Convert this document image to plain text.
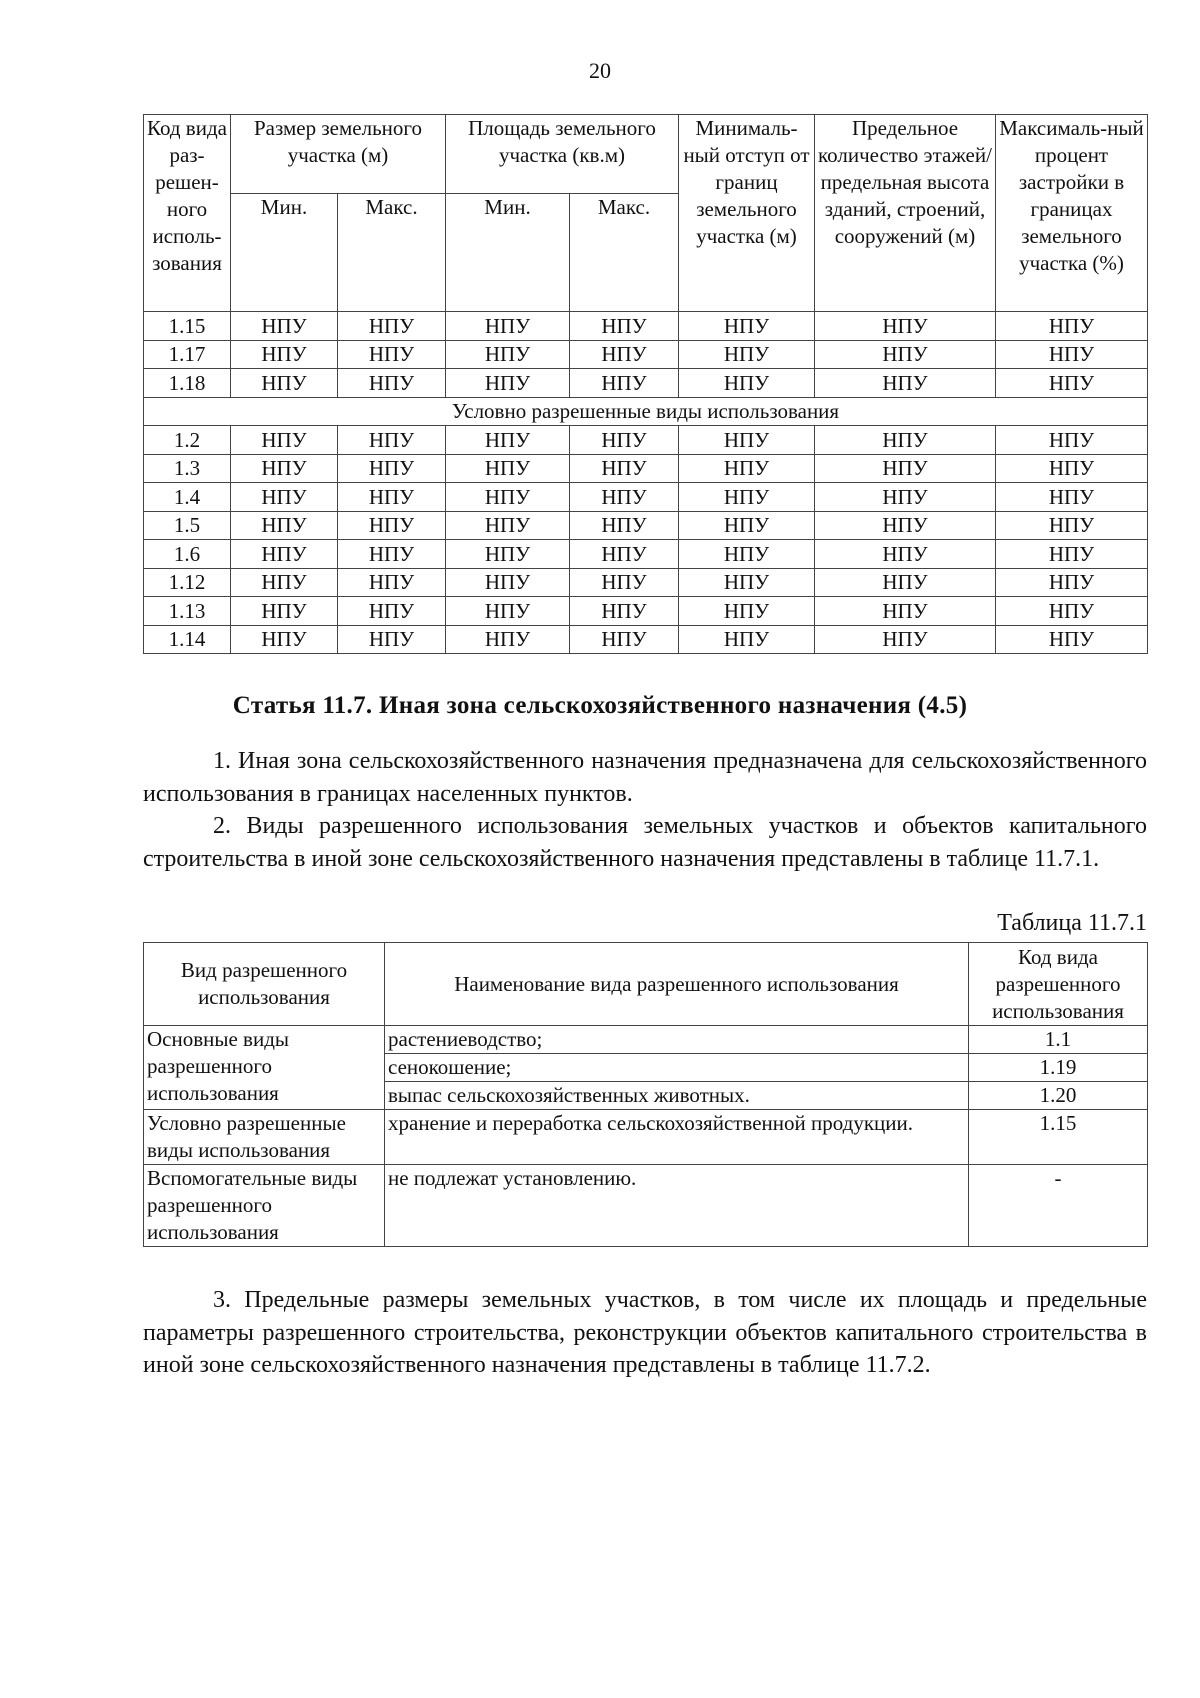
20
Код вида раз-решен-ного исполь-зования	Размер земельного участка (м)		Площадь земельного участка (кв.м)		Минималь-ный отступ от границ земельного участка (м)	Предельное количество этажей/ предельная высота зданий, строений, сооружений (м)	Максималь-ный процент застройки в границах земельного участка (%)
	Мин.	Макс.	Мин.	Макс.			
1.15	НПУ	НПУ	НПУ	НПУ	НПУ	НПУ	НПУ
1.17	НПУ	НПУ	НПУ	НПУ	НПУ	НПУ	НПУ
1.18	НПУ	НПУ	НПУ	НПУ	НПУ	НПУ	НПУ
Условно разрешенные виды использования							
1.2	НПУ	НПУ	НПУ	НПУ	НПУ	НПУ	НПУ
1.3	НПУ	НПУ	НПУ	НПУ	НПУ	НПУ	НПУ
1.4	НПУ	НПУ	НПУ	НПУ	НПУ	НПУ	НПУ
1.5	НПУ	НПУ	НПУ	НПУ	НПУ	НПУ	НПУ
1.6	НПУ	НПУ	НПУ	НПУ	НПУ	НПУ	НПУ
1.12	НПУ	НПУ	НПУ	НПУ	НПУ	НПУ	НПУ
1.13	НПУ	НПУ	НПУ	НПУ	НПУ	НПУ	НПУ
1.14	НПУ	НПУ	НПУ	НПУ	НПУ	НПУ	НПУ
Статья 11.7. Иная зона сельскохозяйственного назначения (4.5)
1. Иная зона сельскохозяйственного назначения предназначена для сельскохозяйственного использования в границах населенных пунктов.
2. Виды разрешенного использования земельных участков и объектов капитального строительства в иной зоне сельскохозяйственного назначения представлены в таблице 11.7.1.
Таблица 11.7.1
Вид разрешенного использования	Наименование вида разрешенного использования	Код вида разрешенного использования
Основные виды разрешенного использования	растениеводство;	1.1
	сенокошение;	1.19
	выпас сельскохозяйственных животных.	1.20
Условно разрешенные виды использования	хранение и переработка сельскохозяйственной продукции.	1.15
Вспомогательные виды разрешенного использования	не подлежат установлению.	-
3. Предельные размеры земельных участков, в том числе их площадь и предельные параметры разрешенного строительства, реконструкции объектов капитального строительства в иной зоне сельскохозяйственного назначения представлены в таблице 11.7.2.
